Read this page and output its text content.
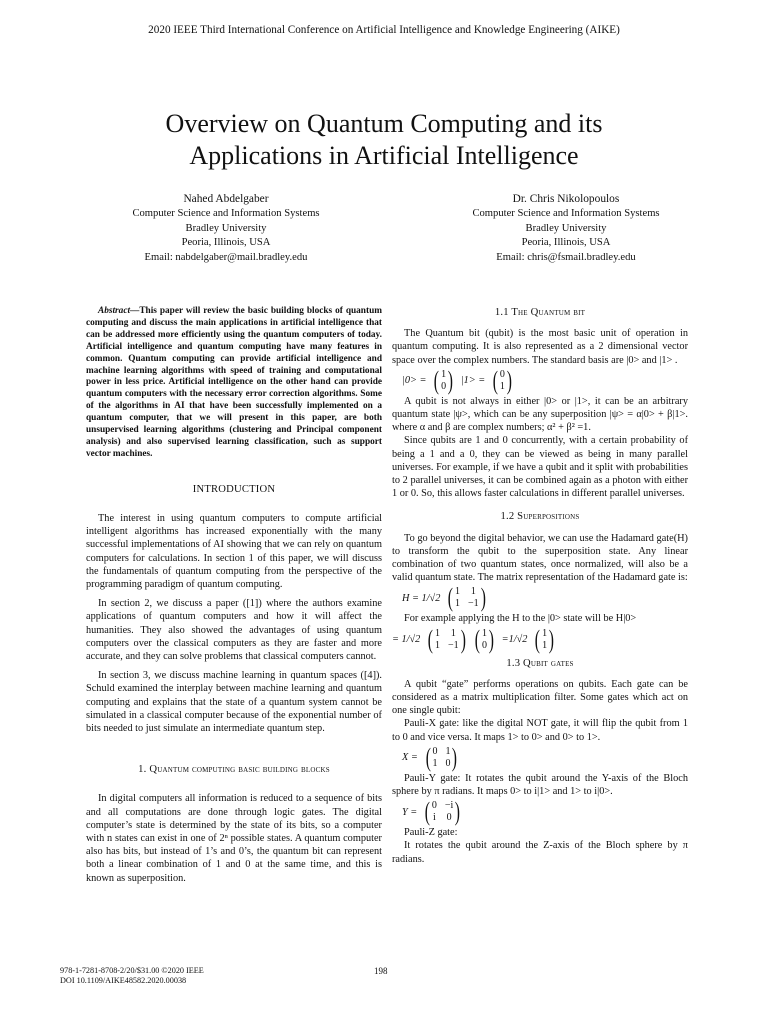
2020 IEEE Third International Conference on Artificial Intelligence and Knowledge Engineering (AIKE)
Overview on Quantum Computing and its
Applications in Artificial Intelligence
Nahed Abdelgaber
Computer Science and Information Systems
Bradley University
Peoria, Illinois, USA
Email: nabdelgaber@mail.bradley.edu
Dr. Chris Nikolopoulos
Computer Science and Information Systems
Bradley University
Peoria, Illinois, USA
Email: chris@fsmail.bradley.edu

Abstract—This paper will review the basic building blocks of quantum computing and discuss the main applications in artificial intelligence that can be addressed more efficiently using the quantum computers of today. Artificial intelligence and quantum computing have many features in common. Quantum computing can provide artificial intelligence and machine learning algorithms with speed of training and computational power in less price. Artificial intelligence on the other hand can provide quantum computers with the necessary error correction algorithms. Some of the algorithms in AI that have been successfully implemented on a quantum computer, that we will present in this paper, are both unsupervised learning algorithms (clustering and Principal component analysis) and also supervised learning classification, such as support vector machines.

INTRODUCTION

The interest in using quantum computers to compute artificial intelligent algorithms has increased exponentially with the many successful implementations of AI showing that we can rely on quantum computers for calculations. In section 1 of this paper, we will discuss the fundamentals of quantum computing from the perspective of the programming paradigm of quantum computing.

In section 2, we discuss a paper ([1]) where the authors examine applications of quantum computers and how it will affect the humanities. They also showed the advantages of using quantum computers over the classical computers as they are faster and more accurate, and they can solve problems that classical computers cannot.

In section 3, we discuss machine learning in quantum spaces ([4]). Schuld examined the interplay between machine learning and quantum computing and explains that the state of a quantum system cannot be simulated in a classical computer because of the exponential number of bits needed to just simulate an intermediate quantum step.

1. Quantum computing basic building blocks

In digital computers all information is reduced to a sequence of bits and all computations are done through logic gates. The digital computer’s state is determined by the state of its bits, so a computer with n states can exist in one of 2ⁿ possible states. A quantum computer also has bits, but instead of 1’s and 0’s, the quantum bit can represent both a linear combination of 1 and 0 at the same time, and this is known as superposition.

1.1 The Quantum bit

The Quantum bit (qubit) is the most basic unit of operation in quantum computing. It is also represented as a 2 dimensional vector space over the complex numbers. The standard basis are |0> and |1> .

|0> = ( 1
0 ) |1> = ( 0
1 )

A qubit is not always in either |0> or |1>, it can be an arbitrary quantum state |ψ>, which can be any superposition |ψ> = α|0> + β|1>. where α and β are complex numbers; α² + β² =1.

Since qubits are 1 and 0 concurrently, with a certain probability of being a 1 and a 0, they can be viewed as being in many parallel universes. For example, if we have a qubit and it split with probabilities to 2 parallel universes, it can be combined again as a photon with either 1 or 0. So, this allows faster calculations in different parallel universes.

1.2 Superpositions

To go beyond the digital behavior, we can use the Hadamard gate(H) to transform the qubit to the superposition state. Any linear combination of two quantum states, once normalized, will also be a valid quantum state. The matrix representation of the Hadamard gate is:

H = 1/√2 ( 1 1
1 −1 )

For example applying the H to the |0> state will be H|0>

= 1/√2 ( 1 1
1 −1 ) ( 1
0 ) =1/√2 ( 1
1 )
1.3 Qubit gates

A qubit “gate” performs operations on qubits. Each gate can be considered as a matrix multiplication filter. Some gates which act on one single qubit:

Pauli-X gate: like the digital NOT gate, it will flip the qubit from 1 to 0 and vice versa. It maps 1> to 0> and 0> to 1>.

X = ( 0 1
1 0 )

Pauli-Y gate: It rotates the qubit around the Y-axis of the Bloch sphere by π radians. It maps 0> to i|1> and 1> to i|0>.

Y = ( 0 −i
i 0 )

Pauli-Z gate:

It rotates the qubit around the Z-axis of the Bloch sphere by π radians.

978-1-7281-8708-2/20/$31.00 ©2020 IEEE
DOI 10.1109/AIKE48582.2020.00038
198
